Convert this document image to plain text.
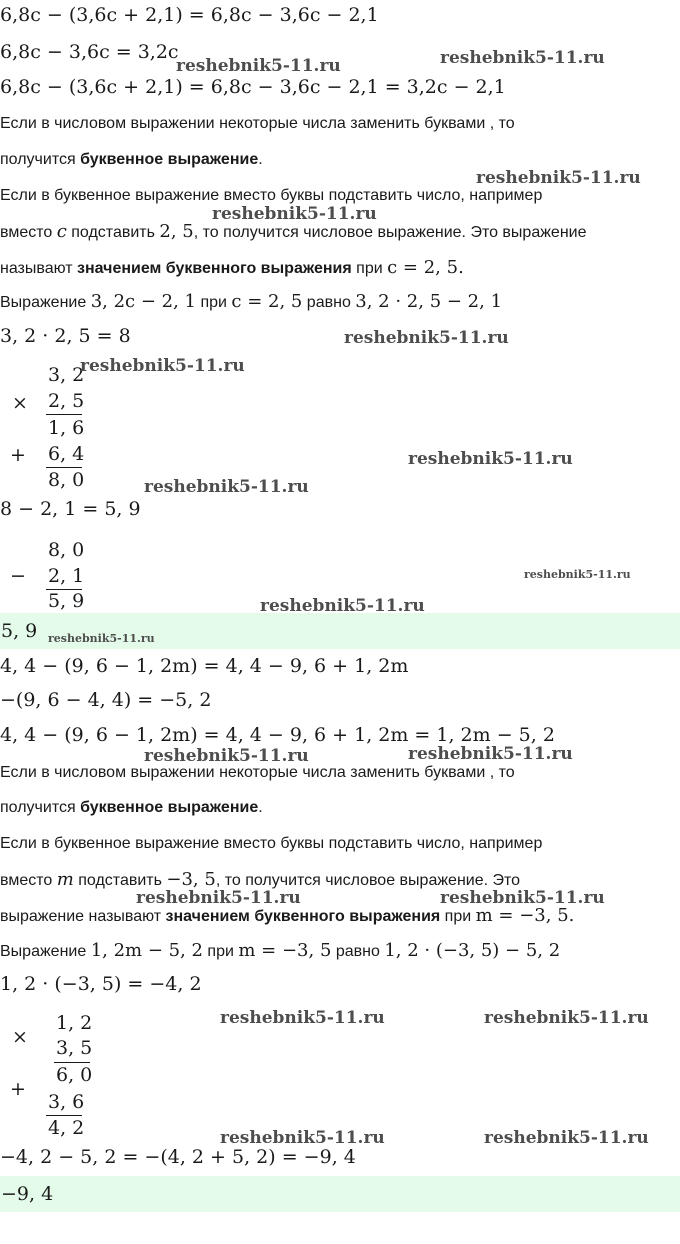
6,8c − (3,6c + 2,1) = 6,8c − 3,6c − 2,1
6,8c − 3,6c = 3,2c
6,8c − (3,6c + 2,1) = 6,8c − 3,6c − 2,1 = 3,2c − 2,1
Если в числовом выражении некоторые числа заменить буквами , то
получится буквенное выражение.
Если в буквенное выражение вместо буквы подставить число, например
вместо c подставить 2, 5, то получится числовое выражение. Это выражение
называют значением буквенного выражения при c = 2, 5.
Выражение 3, 2c − 2, 1 при c = 2, 5 равно 3, 2 · 2, 5 − 2, 1
3, 2 · 2, 5 = 8
3, 2
× 2, 5
1, 6
+ 6, 4
8, 0
8 − 2, 1 = 5, 9
8, 0
− 2, 1
5, 9
5, 9
4, 4 − (9, 6 − 1, 2m) = 4, 4 − 9, 6 + 1, 2m
−(9, 6 − 4, 4) = −5, 2
4, 4 − (9, 6 − 1, 2m) = 4, 4 − 9, 6 + 1, 2m = 1, 2m − 5, 2
Если в числовом выражении некоторые числа заменить буквами , то
получится буквенное выражение.
Если в буквенное выражение вместо буквы подставить число, например
вместо m подставить −3, 5, то получится числовое выражение. Это
выражение называют значением буквенного выражения при m = −3, 5.
Выражение 1, 2m − 5, 2 при m = −3, 5 равно 1, 2 · (−3, 5) − 5, 2
1, 2 · (−3, 5) = −4, 2
1, 2
× 3, 5
6, 0
+
3, 6
4, 2
−4, 2 − 5, 2 = −(4, 2 + 5, 2) = −9, 4
−9, 4
reshebnik5-11.ru	reshebnik5-11.ru
reshebnik5-11.ru
reshebnik5-11.ru
reshebnik5-11.ru
reshebnik5-11.ru
reshebnik5-11.ru
reshebnik5-11.ru
reshebnik5-11.ru
reshebnik5-11.ru
reshebnik5-11.ru
reshebnik5-11.ru	reshebnik5-11.ru
reshebnik5-11.ru	reshebnik5-11.ru
reshebnik5-11.ru	reshebnik5-11.ru
reshebnik5-11.ru	reshebnik5-11.ru
